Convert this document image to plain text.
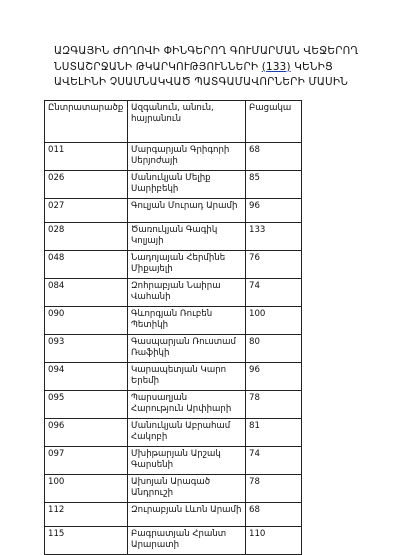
ԱԶԳԱՅԻՆ ԺՈՂՈՎԻ ՓԻՆԳԵՐՈՂ ԳՈՒՄԱՐՄԱՆ ՎԵՋԵՐՈՂ
ՆՍՏԱՇՐՋԱՆԻ ԹԿԱՐԿՈՒԹՅՈՒՆՆԵՐԻ (133) ԿԵՆԻՑ
ԱՎԵԼԻՆԻ ՉՍԱՄՆԱԿՎԱԾ ՊԱՏԳԱՄԱՎՈՐՆԵՐԻ ՄԱՍԻՆ
Ընտրատարածք	Ազգանուն, անուն, հայրանուն	Բացակա
011	Մարգարյան Գրիգորի Սերյոժայի	68
026	Մանուկյան Մելիք Սարիբեկի	85
027	Գուլյան Մուրադ Արամի	96
028	Ծառուկյան Գագիկ Կոլյայի	133
048	Նադոյայան Հերմինե Միքայելի	76
084	Զոհրաբյան Նաիրա Վահանի	74
090	Գևորգյան Ռուբեն Պետիկի	100
093	Գասպարյան Ռուստամ Ռաֆիկի	80
094	Կարապետյան Կարո Երեմի	96
095	Պարսաղյան Հարություն Արփիարի	78
096	Մանուկյան Աբրահամ Հակոբի	81
097	Մխիթարյան Արշակ Գարսենի	74
100	Ախոյան Արագած Անդրուշի	78
112	Զուրաբյան Լևոն Արամի	68
115	Բագրատյան Հրանտ Արարատի	110
